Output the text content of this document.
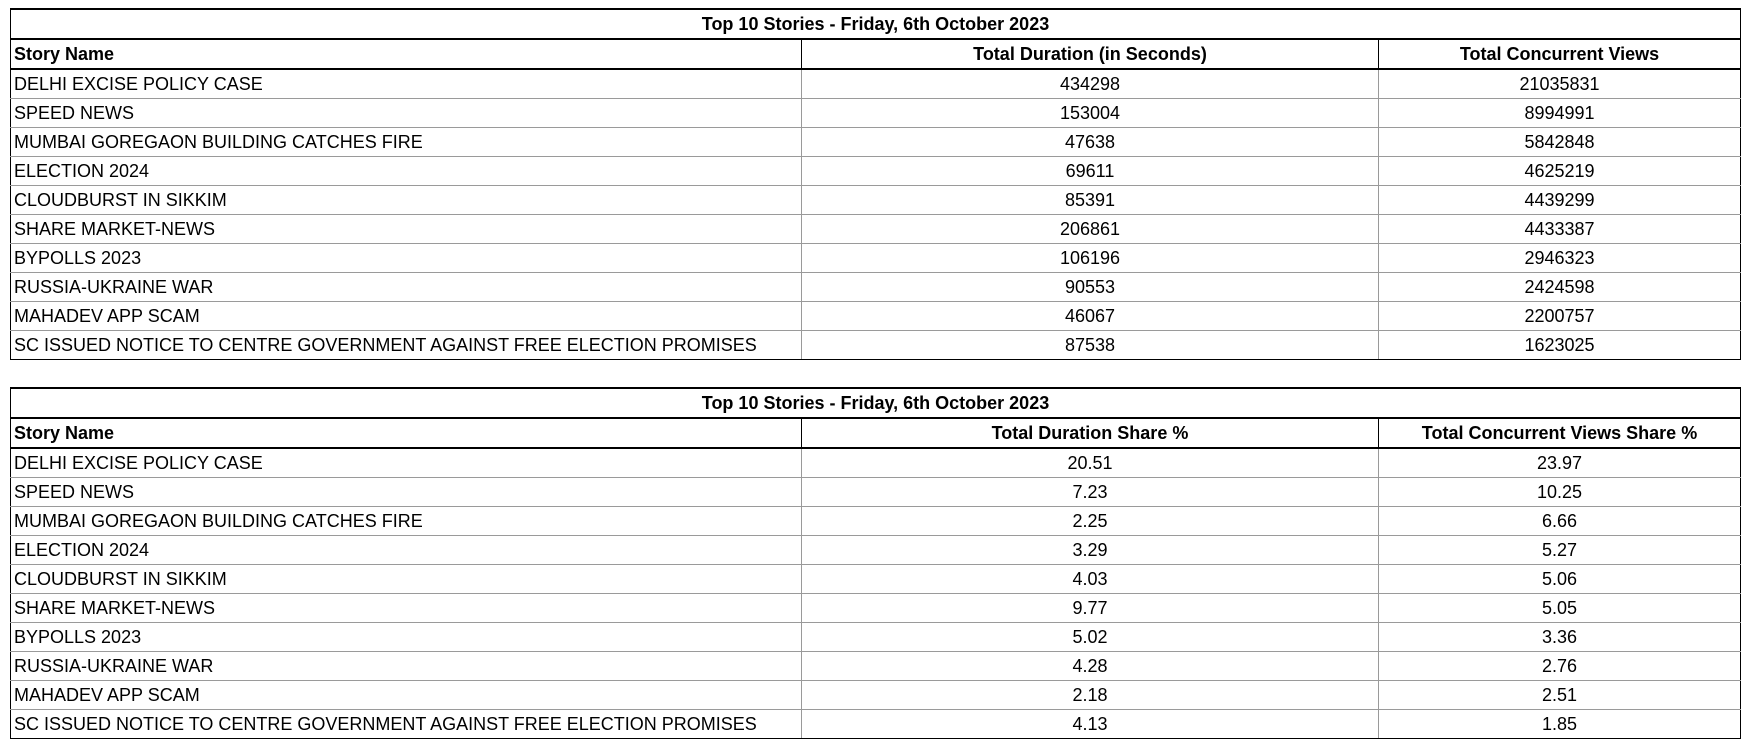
Top 10 Stories - Friday, 6th October 2023		
Story Name	Total Duration (in Seconds)	Total Concurrent Views
DELHI EXCISE POLICY CASE	434298	21035831
SPEED NEWS	153004	8994991
MUMBAI GOREGAON BUILDING CATCHES FIRE	47638	5842848
ELECTION 2024	69611	4625219
CLOUDBURST IN SIKKIM	85391	4439299
SHARE MARKET-NEWS	206861	4433387
BYPOLLS 2023	106196	2946323
RUSSIA-UKRAINE WAR	90553	2424598
MAHADEV APP SCAM	46067	2200757
SC ISSUED NOTICE TO CENTRE GOVERNMENT AGAINST FREE ELECTION PROMISES	87538	1623025
Top 10 Stories - Friday, 6th October 2023		
Story Name	Total Duration Share %	Total Concurrent Views Share %
DELHI EXCISE POLICY CASE	20.51	23.97
SPEED NEWS	7.23	10.25
MUMBAI GOREGAON BUILDING CATCHES FIRE	2.25	6.66
ELECTION 2024	3.29	5.27
CLOUDBURST IN SIKKIM	4.03	5.06
SHARE MARKET-NEWS	9.77	5.05
BYPOLLS 2023	5.02	3.36
RUSSIA-UKRAINE WAR	4.28	2.76
MAHADEV APP SCAM	2.18	2.51
SC ISSUED NOTICE TO CENTRE GOVERNMENT AGAINST FREE ELECTION PROMISES	4.13	1.85
